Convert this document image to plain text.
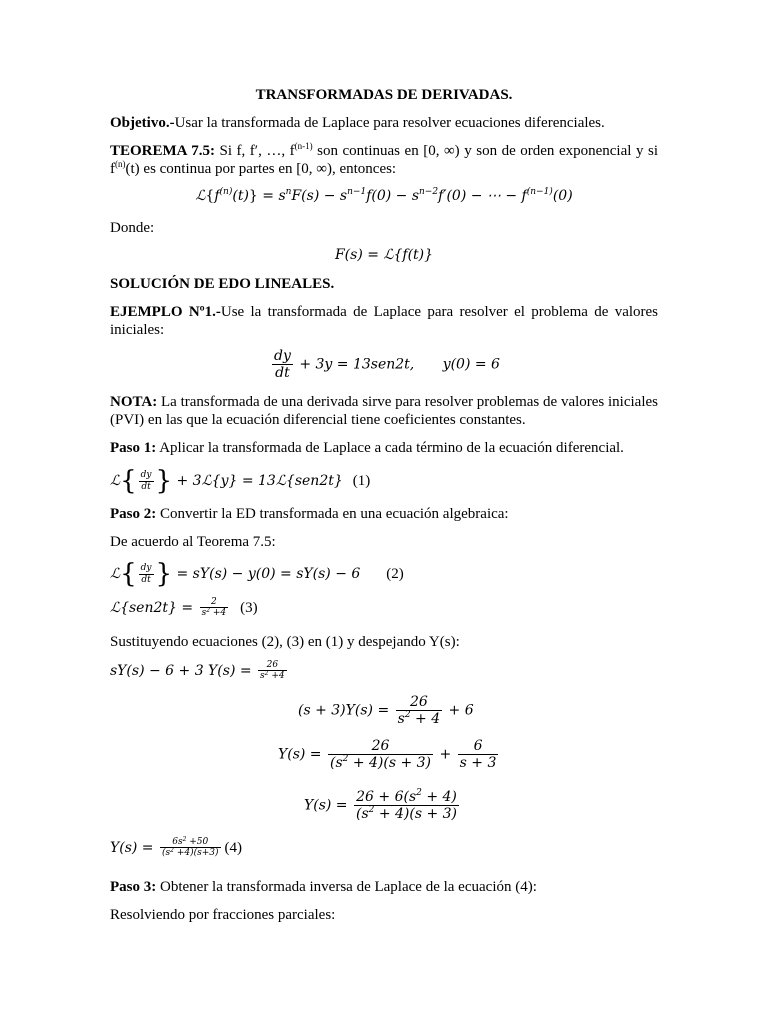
TRANSFORMADAS DE DERIVADAS.
Objetivo.-Usar la transformada de Laplace para resolver ecuaciones diferenciales.
TEOREMA 7.5: Si f, f′, …, $f^{(n-1)}$ son continuas en [0, ∞) y son de orden exponencial y si $f^{(n)}(t)$ es continua por partes en [0, ∞), entonces:
$ℒ\{f^{(n)}(t)\} = s^nF(s) - s^{n-1}f(0) - s^{n-2}f'(0)$ − ⋯ − $f^{(n-1)}(0)$
Donde:
F(s) = ℒ{f(t)}
SOLUCIÓN DE EDO LINEALES.
EJEMPLO Nº1.-Use la transformada de Laplace para resolver el problema de valores iniciales:
$\frac{dy}{dt} + 3y = 13sen2t$, y(0) = 6
NOTA: La transformada de una derivada sirve para resolver problemas de valores iniciales (PVI) en las que la ecuación diferencial tiene coeficientes constantes.
Paso 1: Aplicar la transformada de Laplace a cada término de la ecuación diferencial.
ℒ{ $\frac{dy}{dt}$ } + 3ℒ{y} = 13ℒ{sen2t} (1)
Paso 2: Convertir la ED transformada en una ecuación algebraica:
De acuerdo al Teorema 7.5:
ℒ{ $\frac{dy}{dt}$ } = sY(s) − y(0) = sY(s) − 6 (2)
ℒ{sen2t} = $\frac{2}{s^2 +4} (3)$
Sustituyendo ecuaciones (2), (3) en (1) y despejando Y(s):
sY(s) − 6 + 3 $Y(s) = \frac{26}{s^2 +4}$
$(s + 3)Y(s) = \frac{26}{s^2 + 4} + 6$
$Y(s) = \frac{26}{(s^2 + 4)(s + 3)} + \frac{6}{s + 3}$
$Y(s) = \frac{26 + 6(s^2 + 4)}{(s^2 + 4)(s + 3)}$
$Y(s) = \frac{6s^2 +50}{(s^2 +4)(s+3)} (4)$
Paso 3: Obtener la transformada inversa de Laplace de la ecuación (4):
Resolviendo por fracciones parciales:
